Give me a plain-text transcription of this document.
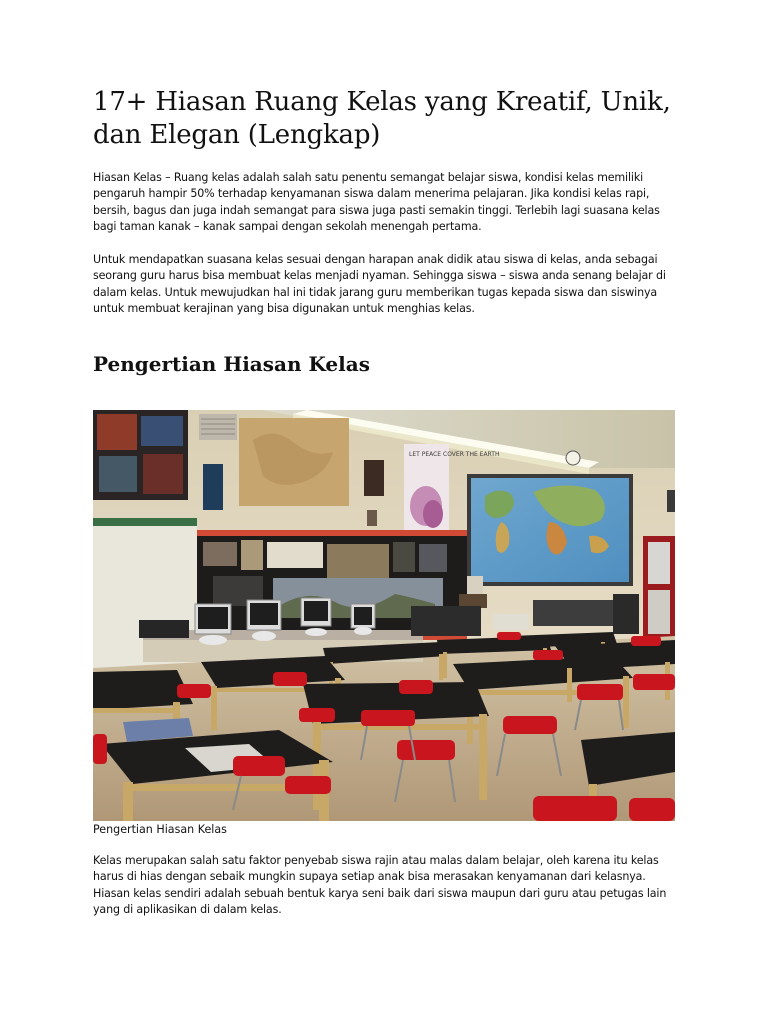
17+ Hiasan Ruang Kelas yang Kreatif, Unik, dan Elegan (Lengkap)

Hiasan Kelas – Ruang kelas adalah salah satu penentu semangat belajar siswa, kondisi kelas memiliki pengaruh hampir 50% terhadap kenyamanan siswa dalam menerima pelajaran. Jika kondisi kelas rapi, bersih, bagus dan juga indah semangat para siswa juga pasti semakin tinggi. Terlebih lagi suasana kelas bagi taman kanak – kanak sampai dengan sekolah menengah pertama.

Untuk mendapatkan suasana kelas sesuai dengan harapan anak didik atau siswa di kelas, anda sebagai seorang guru harus bisa membuat kelas menjadi nyaman. Sehingga siswa – siswa anda senang belajar di dalam kelas. Untuk mewujudkan hal ini tidak jarang guru memberikan tugas kepada siswa dan siswinya untuk membuat kerajinan yang bisa digunakan untuk menghias kelas.

Pengertian Hiasan Kelas
LET PEACE COVER THE EARTH

Pengertian Hiasan Kelas

Kelas merupakan salah satu faktor penyebab siswa rajin atau malas dalam belajar, oleh karena itu kelas harus di hias dengan sebaik mungkin supaya setiap anak bisa merasakan kenyamanan dari kelasnya. Hiasan kelas sendiri adalah sebuah bentuk karya seni baik dari siswa maupun dari guru atau petugas lain yang di aplikasikan di dalam kelas.
